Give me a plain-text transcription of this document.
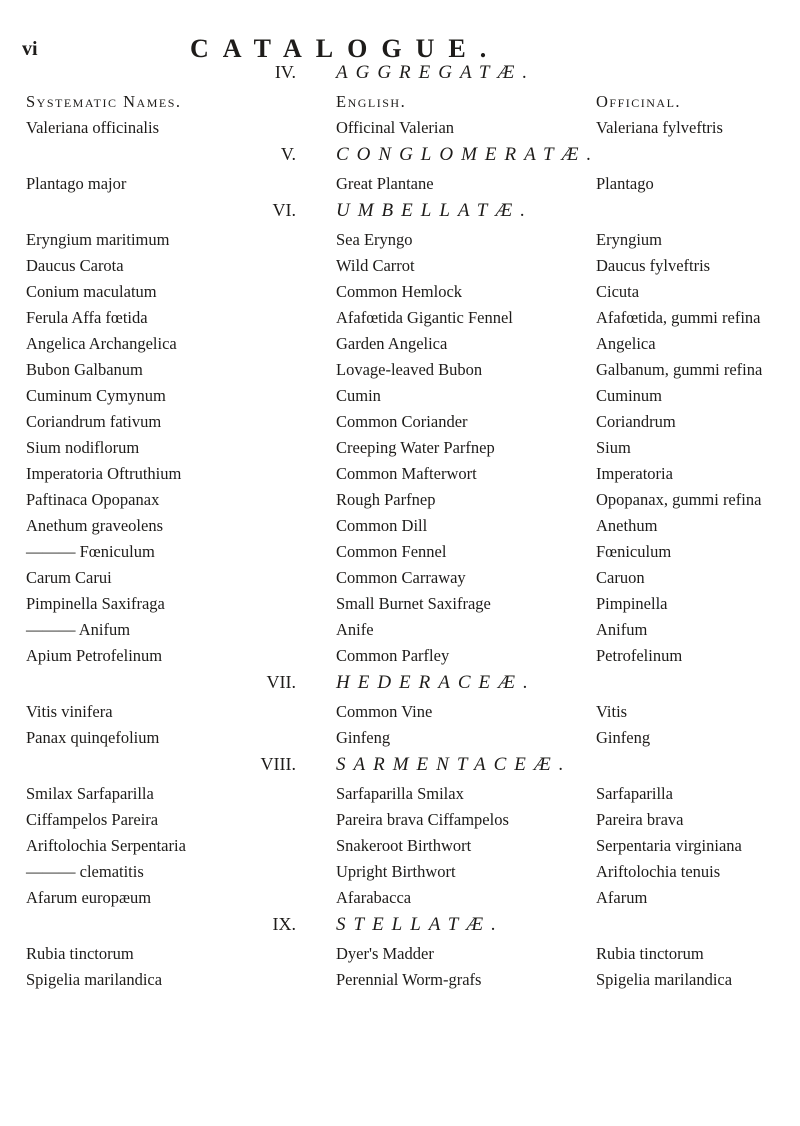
vi	CATALOGUE.
IV. AGGREGATÆ.
Systematic Names.	English.	Officinal.
Valeriana officinalis	Officinal Valerian	Valeriana fylveftris
V. CONGLOMERATÆ.
Plantago major	Great Plantane	Plantago
VI. UMBELLATÆ.
Eryngium maritimum	Sea Eryngo	Eryngium
Daucus Carota	Wild Carrot	Daucus fylveftris
Conium maculatum	Common Hemlock	Cicuta
Ferula Affa fœtida	Afafœtida Gigantic Fennel	Afafœtida, gummi refina
Angelica Archangelica	Garden Angelica	Angelica
Bubon Galbanum	Lovage-leaved Bubon	Galbanum, gummi refina
Cuminum Cymynum	Cumin	Cuminum
Coriandrum fativum	Common Coriander	Coriandrum
Sium nodiflorum	Creeping Water Parfnep	Sium
Imperatoria Oftruthium	Common Mafterwort	Imperatoria
Paftinaca Opopanax	Rough Parfnep	Opopanax, gummi refina
Anethum graveolens	Common Dill	Anethum
——— Fœniculum	Common Fennel	Fœniculum
Carum Carui	Common Carraway	Caruon
Pimpinella Saxifraga	Small Burnet Saxifrage	Pimpinella
——— Anifum	Anife	Anifum
Apium Petrofelinum	Common Parfley	Petrofelinum
VII. HEDERACEÆ.
Vitis vinifera	Common Vine	Vitis
Panax quinqefolium	Ginfeng	Ginfeng
VIII. SARMENTACEÆ.
Smilax Sarfaparilla	Sarfaparilla Smilax	Sarfaparilla
Ciffampelos Pareira	Pareira brava Ciffampelos	Pareira brava
Ariftolochia Serpentaria	Snakeroot Birthwort	Serpentaria virginiana
——— clematitis	Upright Birthwort	Ariftolochia tenuis
Afarum europæum	Afarabacca	Afarum
IX. STELLATÆ.
Rubia tinctorum	Dyer's Madder	Rubia tinctorum
Spigelia marilandica	Perennial Worm-grafs	Spigelia marilandica
